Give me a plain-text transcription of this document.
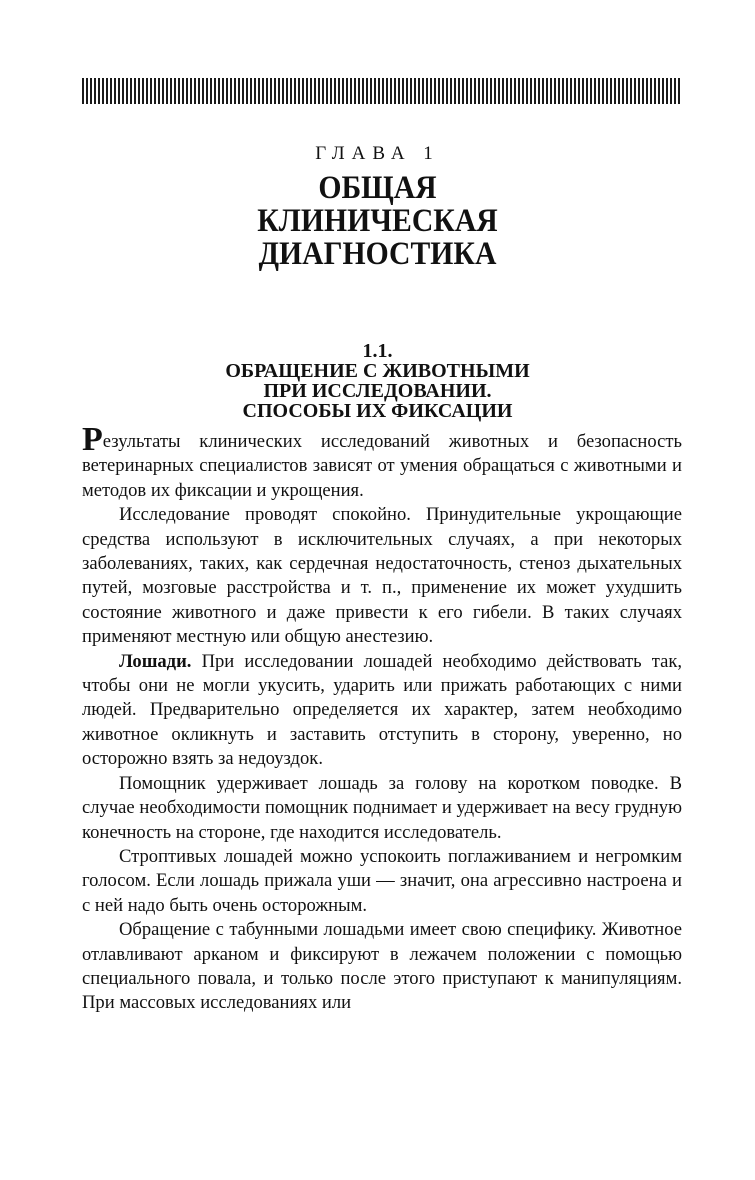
ГЛАВА 1
ОБЩАЯ
КЛИНИЧЕСКАЯ
ДИАГНОСТИКА
1.1.
ОБРАЩЕНИЕ С ЖИВОТНЫМИ
ПРИ ИССЛЕДОВАНИИ.
СПОСОБЫ ИХ ФИКСАЦИИ

Результаты клинических исследований животных и безопасность ветеринарных специалистов зависят от умения обращаться с животными и методов их фиксации и укрощения.

Исследование проводят спокойно. Принудительные укрощающие средства используют в исключительных случаях, а при некоторых заболеваниях, таких, как сердечная недостаточность, стеноз дыхательных путей, мозговые расстройства и т. п., применение их может ухудшить состояние животного и даже привести к его гибели. В таких случаях применяют местную или общую анестезию.

Лошади. При исследовании лошадей необходимо действовать так, чтобы они не могли укусить, ударить или прижать работающих с ними людей. Предварительно определяется их характер, затем необходимо животное окликнуть и заставить отступить в сторону, уверенно, но осторожно взять за недоуздок.

Помощник удерживает лошадь за голову на коротком поводке. В случае необходимости помощник поднимает и удерживает на весу грудную конечность на стороне, где находится исследователь.

Строптивых лошадей можно успокоить поглаживанием и негромким голосом. Если лошадь прижала уши — значит, она агрессивно настроена и с ней надо быть очень осторожным.

Обращение с табунными лошадьми имеет свою специфику. Животное отлавливают арканом и фиксируют в лежачем положении с помощью специального повала, и только после этого приступают к манипуляциям. При массовых исследованиях или
